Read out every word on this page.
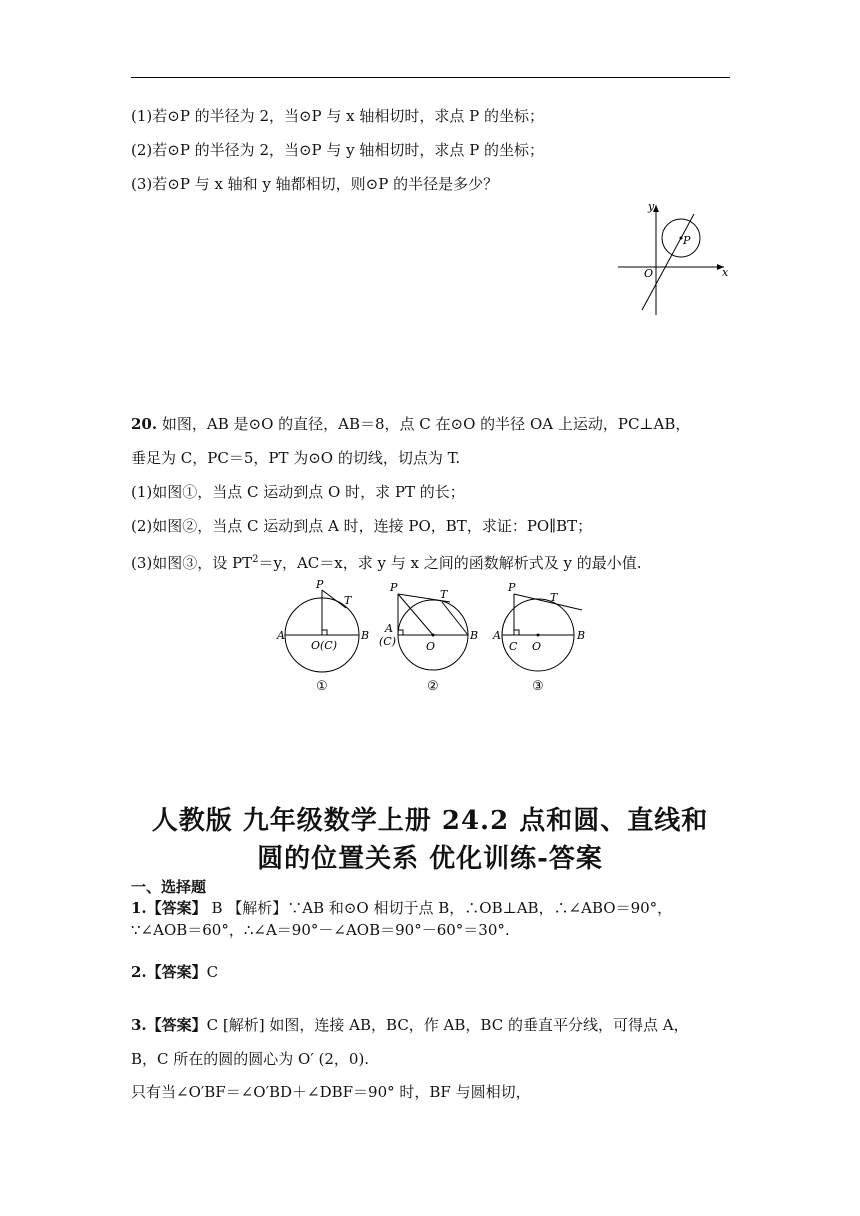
(1)若⊙P 的半径为 2，当⊙P 与 x 轴相切时，求点 P 的坐标；
(2)若⊙P 的半径为 2，当⊙P 与 y 轴相切时，求点 P 的坐标；
(3)若⊙P 与 x 轴和 y 轴都相切，则⊙P 的半径是多少？
y
x
O
P
20. 如图，AB 是⊙O 的直径，AB＝8，点 C 在⊙O 的半径 OA 上运动，PC⊥AB，
垂足为 C，PC＝5，PT 为⊙O 的切线，切点为 T.
(1)如图①，当点 C 运动到点 O 时，求 PT 的长；
(2)如图②，当点 C 运动到点 A 时，连接 PO，BT，求证：PO∥BT；
(3)如图③，设 $PT^2=y$，AC＝x，求 y 与 x 之间的函数解析式及 y 的最小值.
P
T
A	B
O(C)
①
P
T
A
(C)	B
O
②
P
T
A	B
C O
③
人教版 九年级数学上册 24.2 点和圆、直线和
圆的位置关系 优化训练-答案
一、选择题
1.【答案】 B 【解析】∵AB 和⊙O 相切于点 B，∴OB⊥AB，∴∠ABO＝90°，
∵∠AOB＝60°，∴∠A＝90°－∠AOB＝90°－60°＝30°.
2.【答案】C
3.【答案】C [解析] 如图，连接 AB，BC，作 AB，BC 的垂直平分线，可得点 A，
B，C 所在的圆的圆心为 O′ (2，0).
只有当∠O′BF＝∠O′BD＋∠DBF＝90° 时，BF 与圆相切，
